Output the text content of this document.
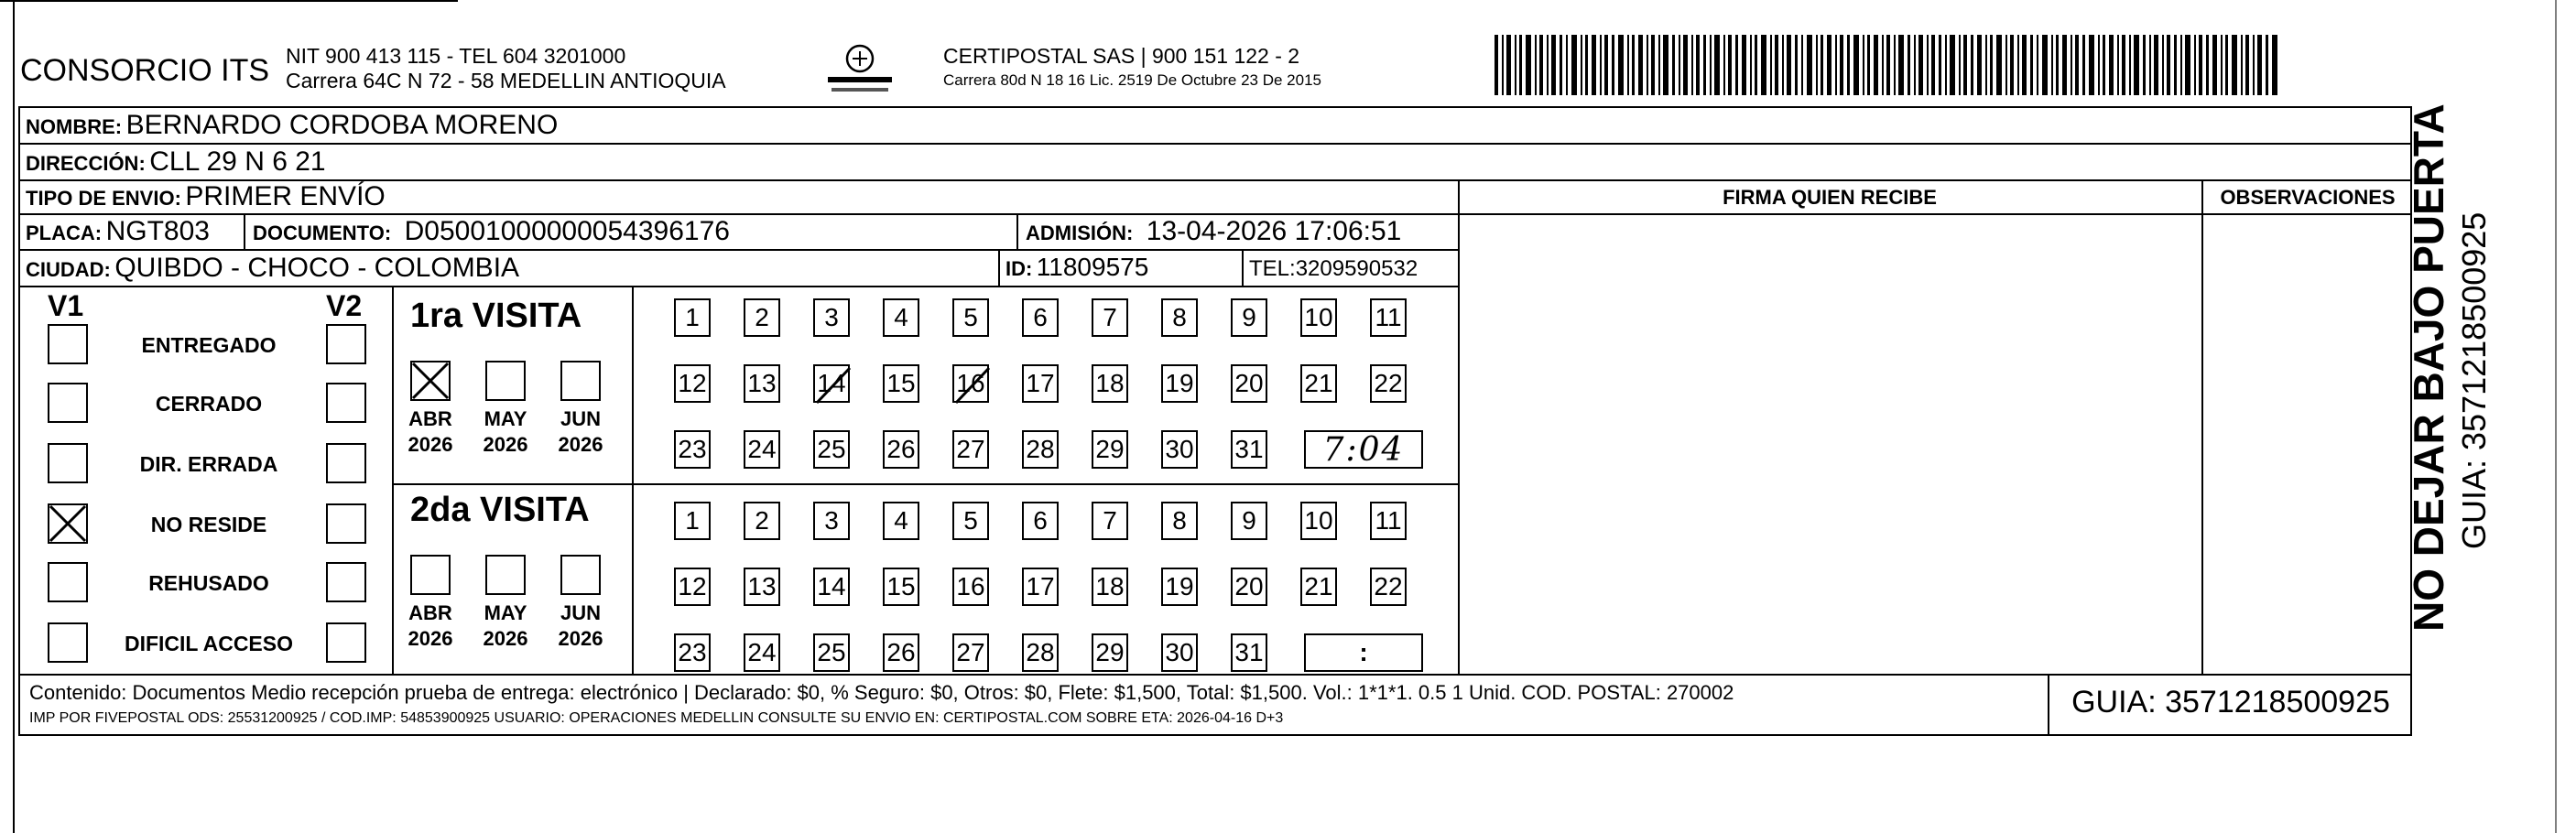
CONSORCIO ITS NIT 900 413 115 - TEL 604 3201000
Carrera 64C N 72 - 58 MEDELLIN ANTIOQUIA
CERTIPOSTAL SAS | 900 151 122 - 2
Carrera 80d N 18 16 Lic. 2519 De Octubre 23 De 2015
NOMBRE: BERNARDO CORDOBA MORENO
DIRECCIÓN: CLL 29 N 6 21
TIPO DE ENVIO: PRIMER ENVÍO
PLACA: NGT803 DOCUMENTO: D05001000000054396176	ADMISIÓN: 13-04-2026 17:06:51
CIUDAD: QUIBDO - CHOCO - COLOMBIA	ID: 11809575	TEL:3209590532
FIRMA QUIEN RECIBE	OBSERVACIONES
V1	V2
ENTREGADO
CERRADO
DIR. ERRADA
NO RESIDE
REHUSADO
DIFICIL ACCESO
1ra VISITA
ABR
2026
MAY
2026
JUN
2026
1 2 3 4 5 6 7 8 9 10 11
12 13 14 15 16 17 18 19 20 21 22
23 24 25 26 27 28 29 30 31 7:04
2da VISITA
ABR
2026
MAY
2026
JUN
2026
1 2 3 4 5 6 7 8 9 10 11
12 13 14 15 16 17 18 19 20 21 22
23 24 25 26 27 28 29 30 31	:
Contenido: Documentos Medio recepción prueba de entrega: electrónico | Declarado: $0, % Seguro: $0, Otros: $0, Flete: $1,500, Total: $1,500. Vol.: 1*1*1. 0.5 1 Unid. COD. POSTAL: 270002
IMP POR FIVEPOSTAL ODS: 25531200925 / COD.IMP: 54853900925 USUARIO: OPERACIONES MEDELLIN CONSULTE SU ENVIO EN: CERTIPOSTAL.COM SOBRE ETA: 2026-04-16 D+3	GUIA: 3571218500925
NO DEJAR BAJO PUERTA GUIA: 3571218500925
